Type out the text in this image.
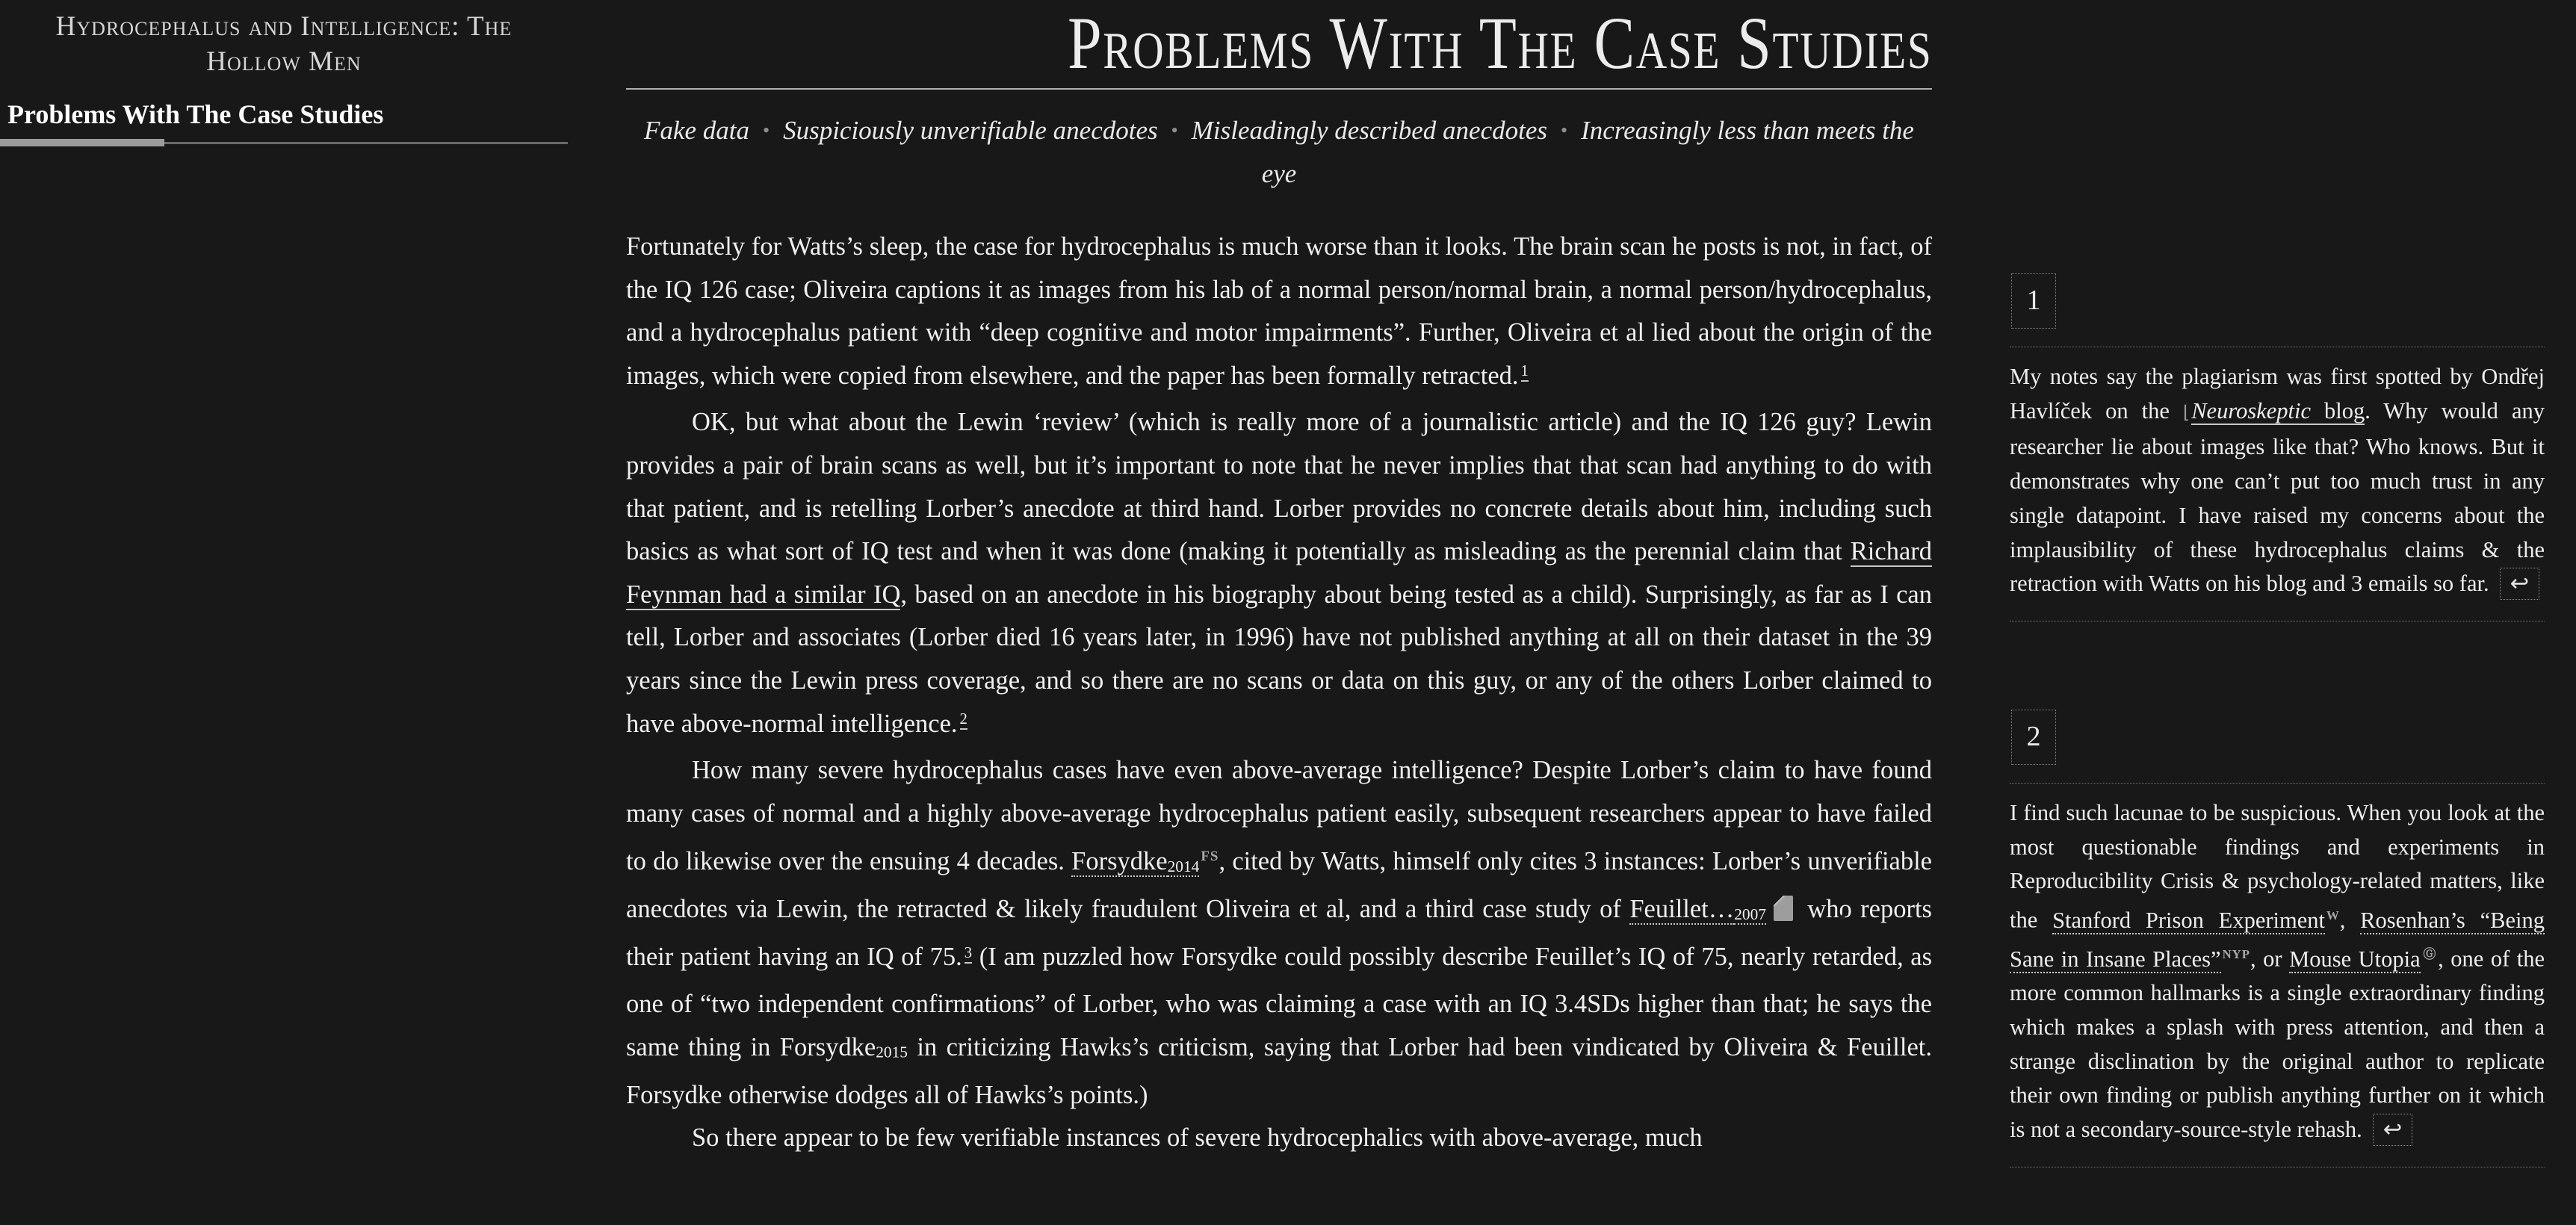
Hydrocephalus and Intelligence: The Hollow Men
Problems With The Case Studies
Problems With The Case Studies
Fake data • Suspiciously unverifiable anecdotes • Misleadingly described anecdotes • Increasingly less than meets the eye

Fortunately for Watts’s sleep, the case for hydrocephalus is much worse than it looks. The brain scan he posts is not, in fact, of the IQ 126 case; Oliveira captions it as images from his lab of a normal person/normal brain, a normal person/hydrocephalus, and a hydrocephalus patient with “deep cognitive and motor impairments”. Further, Oliveira et al lied about the origin of the images, which were copied from elsewhere, and the paper has been formally retracted. $^1$

OK, but what about the Lewin ‘review’ (which is really more of a journalistic article) and the IQ 126 guy? Lewin provides a pair of brain scans as well, but it’s important to note that he never implies that that scan had anything to do with that patient, and is retelling Lorber’s anecdote at third hand. Lorber provides no concrete details about him, including such basics as what sort of IQ test and when it was done (making it potentially as misleading as the perennial claim that Richard Feynman had a similar IQ, based on an anecdote in his biography about being tested as a child). Surprisingly, as far as I can tell, Lorber and associates (Lorber died 16 years later, in 1996) have not published anything at all on their dataset in the 39 years since the Lewin press coverage, and so there are no scans or data on this guy, or any of the others Lorber claimed to have above-normal intelligence. $^2$

How many severe hydrocephalus cases have even above-average intelligence? Despite Lorber’s claim to have found many cases of normal and a highly above-average hydrocephalus patient easily, subsequent researchers appear to have failed to do likewise over the ensuing 4 decades. $Forsydke2014^{FS}$, cited by Watts, himself only cites 3 instances: Lorber’s unverifiable anecdotes via Lewin, the retracted & likely fraudulent Oliveira et al, and a third case study of Feuillet…2007▴ who reports their patient having an IQ of 75. $^3$ (I am puzzled how Forsydke could possibly describe Feuillet’s IQ of 75, nearly retarded, as one of “two independent confirmations” of Lorber, who was claiming a case with an IQ 3.4SDs higher than that; he says the same thing in Forsydke2015 in criticizing Hawks’s criticism, saying that Lorber had been vindicated by Oliveira & Feuillet. Forsydke otherwise dodges all of Hawks’s points.)

So there appear to be few verifiable instances of severe hydrocephalics with above-average, much

1
My notes say the plagiarism was first spotted by Ondřej Havlíček on the ⌊Neuroskeptic blog. Why would any researcher lie about images like that? Who knows. But it demonstrates why one can’t put too much trust in any single datapoint. I have raised my concerns about the implausibility of these hydrocephalus claims & the retraction with Watts on his blog and 3 emails so far. ↩
2
I find such lacunae to be suspicious. When you look at the most questionable findings and experiments in Reproducibility Crisis & psychology-related matters, like the Stanford Prison Experiment $^W$, Rosenhan’s “Being Sane in Insane Places” $^{NYP}$, or Mouse Utopia Ⓖ, one of the more common hallmarks is a single extraordinary finding which makes a splash with press attention, and then a strange disclination by the original author to replicate their own finding or publish anything further on it which is not a secondary-source-style rehash. ↩
